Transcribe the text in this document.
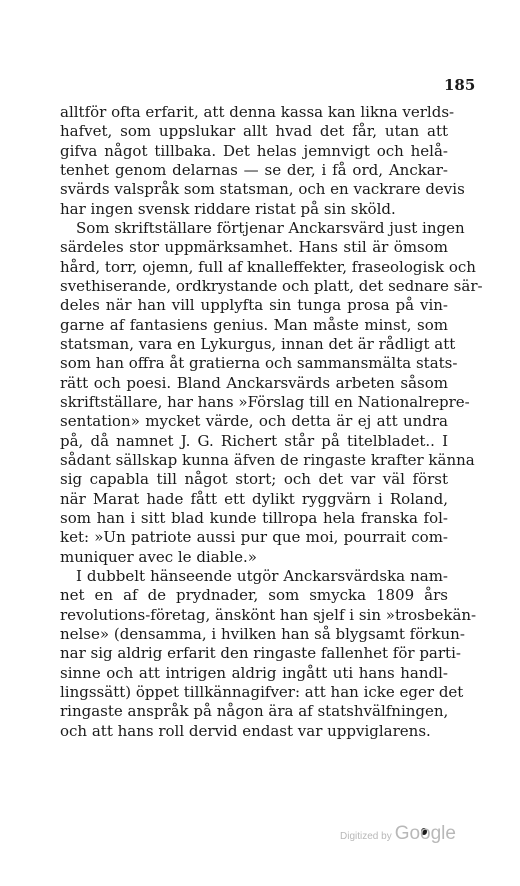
185
alltför ofta erfarit, att denna kassa kan likna verlds-
hafvet, som uppslukar allt hvad det får, utan att
gifva något tillbaka. Det helas jemnvigt och helå-
tenhet genom delarnas — se der, i få ord, Anckar-
svärds valspråk som statsman, och en vackrare devis
har ingen svensk riddare ristat på sin sköld.
Som skriftställare förtjenar Anckarsvärd just ingen
särdeles stor uppmärksamhet. Hans stil är ömsom
hård, torr, ojemn, full af knalleffekter, fraseologisk och
svethiserande, ordkrystande och platt, det sednare sär-
deles när han vill upplyfta sin tunga prosa på vin-
garne af fantasiens genius. Man måste minst, som
statsman, vara en Lykurgus, innan det är rådligt att
som han offra åt gratierna och sammansmälta stats-
rätt och poesi. Bland Anckarsvärds arbeten såsom
skriftställare, har hans »Förslag till en Nationalrepre-
sentation» mycket värde, och detta är ej att undra
på, då namnet J. G. Richert står på titelbladet.. I
sådant sällskap kunna äfven de ringaste krafter känna
sig capabla till något stort; och det var väl först
när Marat hade fått ett dylikt ryggvärn i Roland,
som han i sitt blad kunde tillropa hela franska fol-
ket: »Un patriote aussi pur que moi, pourrait com-
muniquer avec le diable.»
I dubbelt hänseende utgör Anckarsvärdska nam-
net en af de prydnader, som smycka 1809 års
revolutions-företag, änskönt han sjelf i sin »trosbekän-
nelse» (densamma, i hvilken han så blygsamt förkun-
nar sig aldrig erfarit den ringaste fallenhet för parti-
sinne och att intrigen aldrig ingått uti hans handl-
lingssätt) öppet tillkännagifver: att han icke eger det
ringaste anspråk på någon ära af statshvälfningen,
och att hans roll dervid endast var uppviglarens.
Digitized by Google
